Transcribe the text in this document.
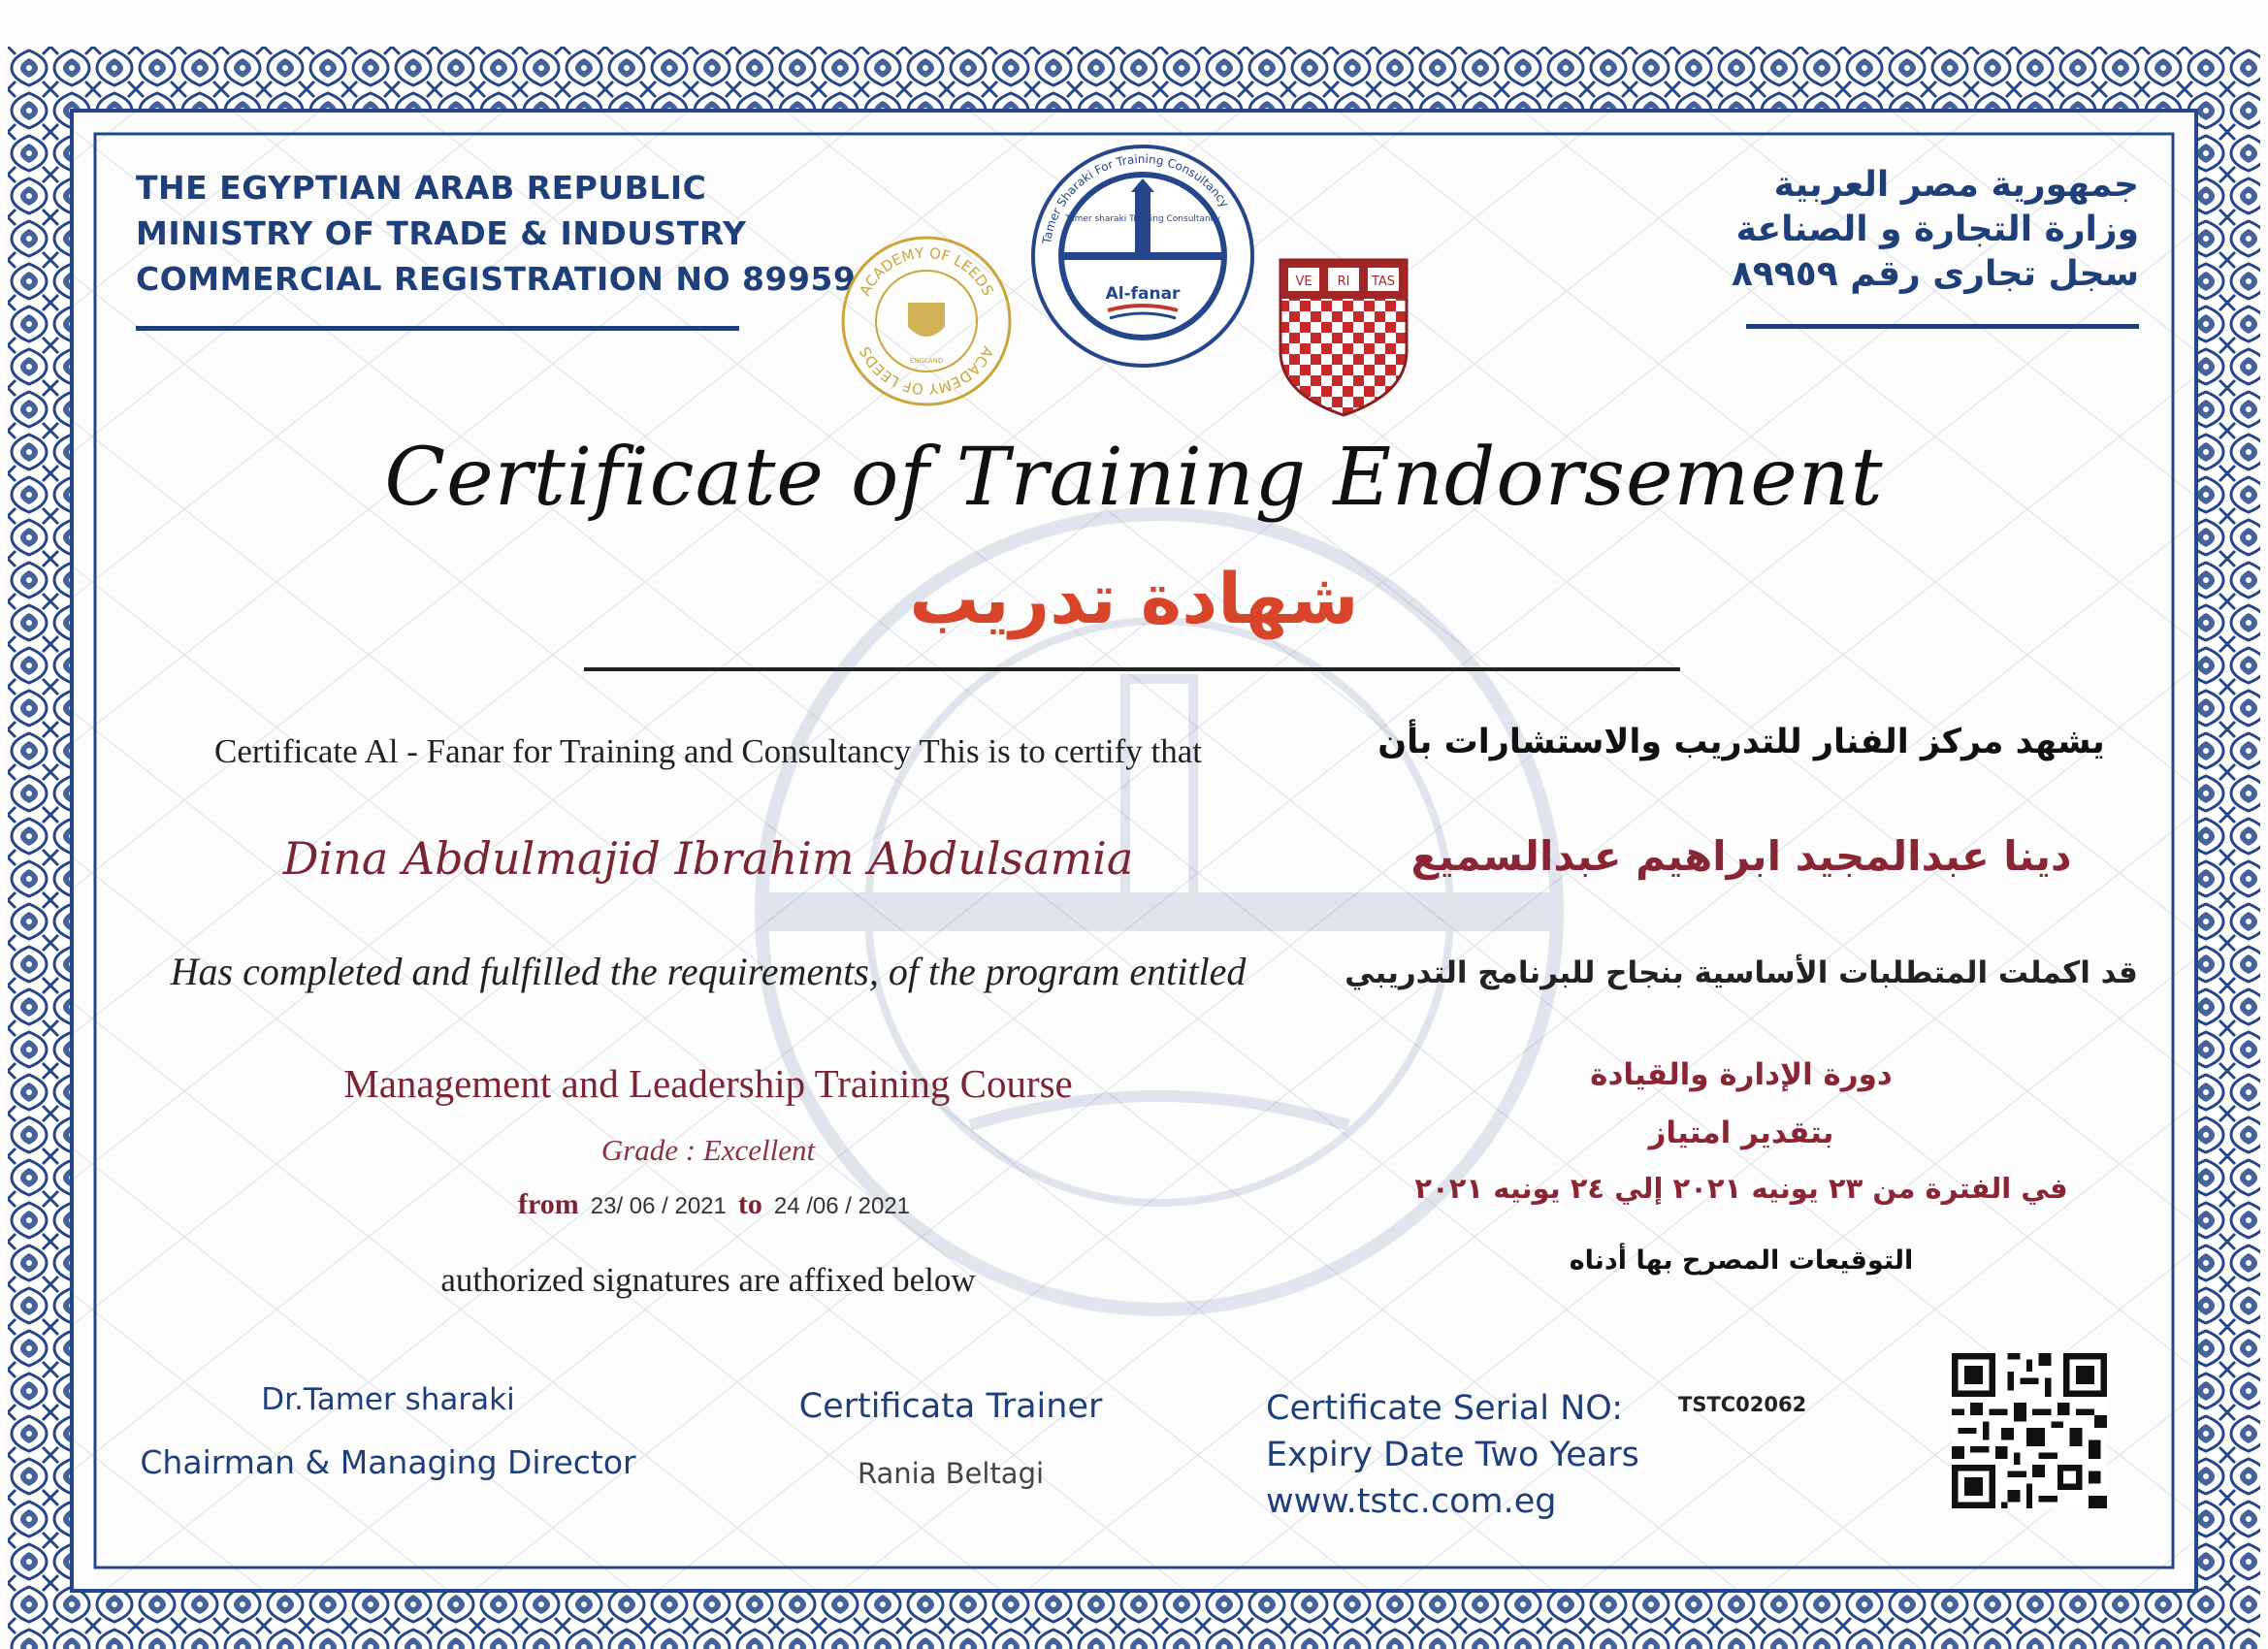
THE EGYPTIAN ARAB REPUBLIC
MINISTRY OF TRADE & INDUSTRY
COMMERCIAL REGISTRATION NO 89959
جمهورية مصر العربية
وزارة التجارة و الصناعة
سجل تجارى رقم ٨٩٩٥٩
ACADEMY OF LEEDS
ACADEMY OF LEEDS
ENGLAND
Tamer Sharaki For Training Consultancy
Tamer sharaki Training Consultancy
Al-fanar
VE RI TAS
Certificate of Training Endorsement
شهادة تدريب
Certificate Al - Fanar for Training and Consultancy This is to certify that
Dina Abdulmajid Ibrahim Abdulsamia
Has completed and fulfilled the requirements, of the program entitled
Management and Leadership Training Course
Grade : Excellent
from 23/ 06 / 2021 to 24 /06 / 2021
authorized signatures are affixed below
يشهد مركز الفنار للتدريب والاستشارات بأن
دينا عبدالمجيد ابراهيم عبدالسميع
قد اكملت المتطلبات الأساسية بنجاح للبرنامج التدريبي
دورة الإدارة والقيادة
بتقدير امتياز
في الفترة من ٢٣ يونيه ٢٠٢١ إلي ٢٤ يونيه ٢٠٢١
التوقيعات المصرح بها أدناه
Dr.Tamer sharaki
Chairman & Managing Director
Certificata Trainer
Rania Beltagi
Certificate Serial NO:
Expiry Date Two Years
www.tstc.com.eg
TSTC02062
